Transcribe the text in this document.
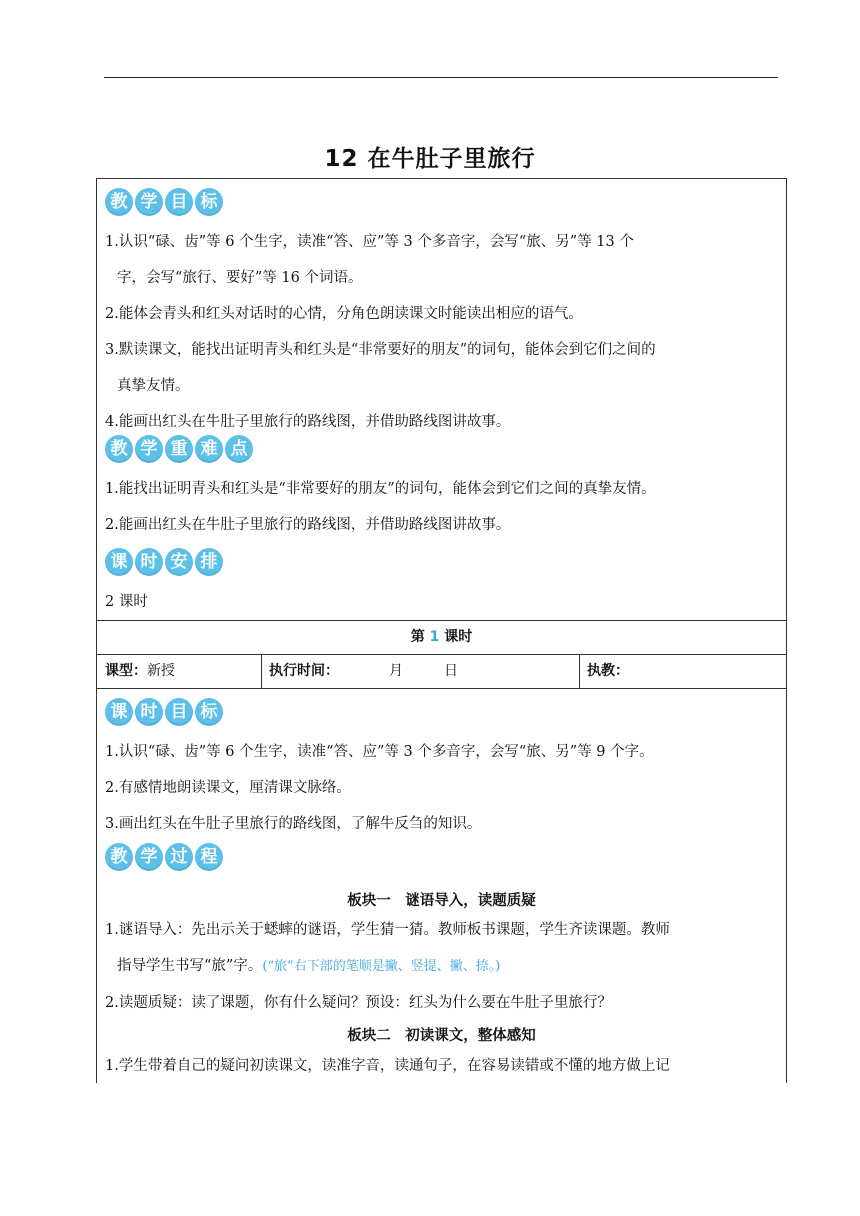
12 在牛肚子里旅行
教 学 目 标
1.认识“碌、齿”等 6 个生字，读准“答、应”等 3 个多音字，会写“旅、另”等 13 个
字，会写“旅行、要好”等 16 个词语。
2.能体会青头和红头对话时的心情，分角色朗读课文时能读出相应的语气。
3.默读课文，能找出证明青头和红头是“非常要好的朋友”的词句，能体会到它们之间的
真挚友情。
4.能画出红头在牛肚子里旅行的路线图，并借助路线图讲故事。
教 学 重 难 点
1.能找出证明青头和红头是“非常要好的朋友”的词句，能体会到它们之间的真挚友情。
2.能画出红头在牛肚子里旅行的路线图，并借助路线图讲故事。
课 时 安 排
2 课时
第 1 课时
课型：新授	执行时间：	月	日	执教：
课 时 目 标
1.认识“碌、齿”等 6 个生字，读准“答、应”等 3 个多音字，会写“旅、另”等 9 个字。
2.有感情地朗读课文，厘清课文脉络。
3.画出红头在牛肚子里旅行的路线图，了解牛反刍的知识。
教 学 过 程
板块一　谜语导入，读题质疑
1.谜语导入：先出示关于蟋蟀的谜语，学生猜一猜。教师板书课题，学生齐读课题。教师
指导学生书写“旅”字。(“旅”右下部的笔顺是撇、竖提、撇、捺。)
2.读题质疑：读了课题，你有什么疑问？预设：红头为什么要在牛肚子里旅行？
板块二　初读课文，整体感知
1.学生带着自己的疑问初读课文，读准字音，读通句子，在容易读错或不懂的地方做上记
